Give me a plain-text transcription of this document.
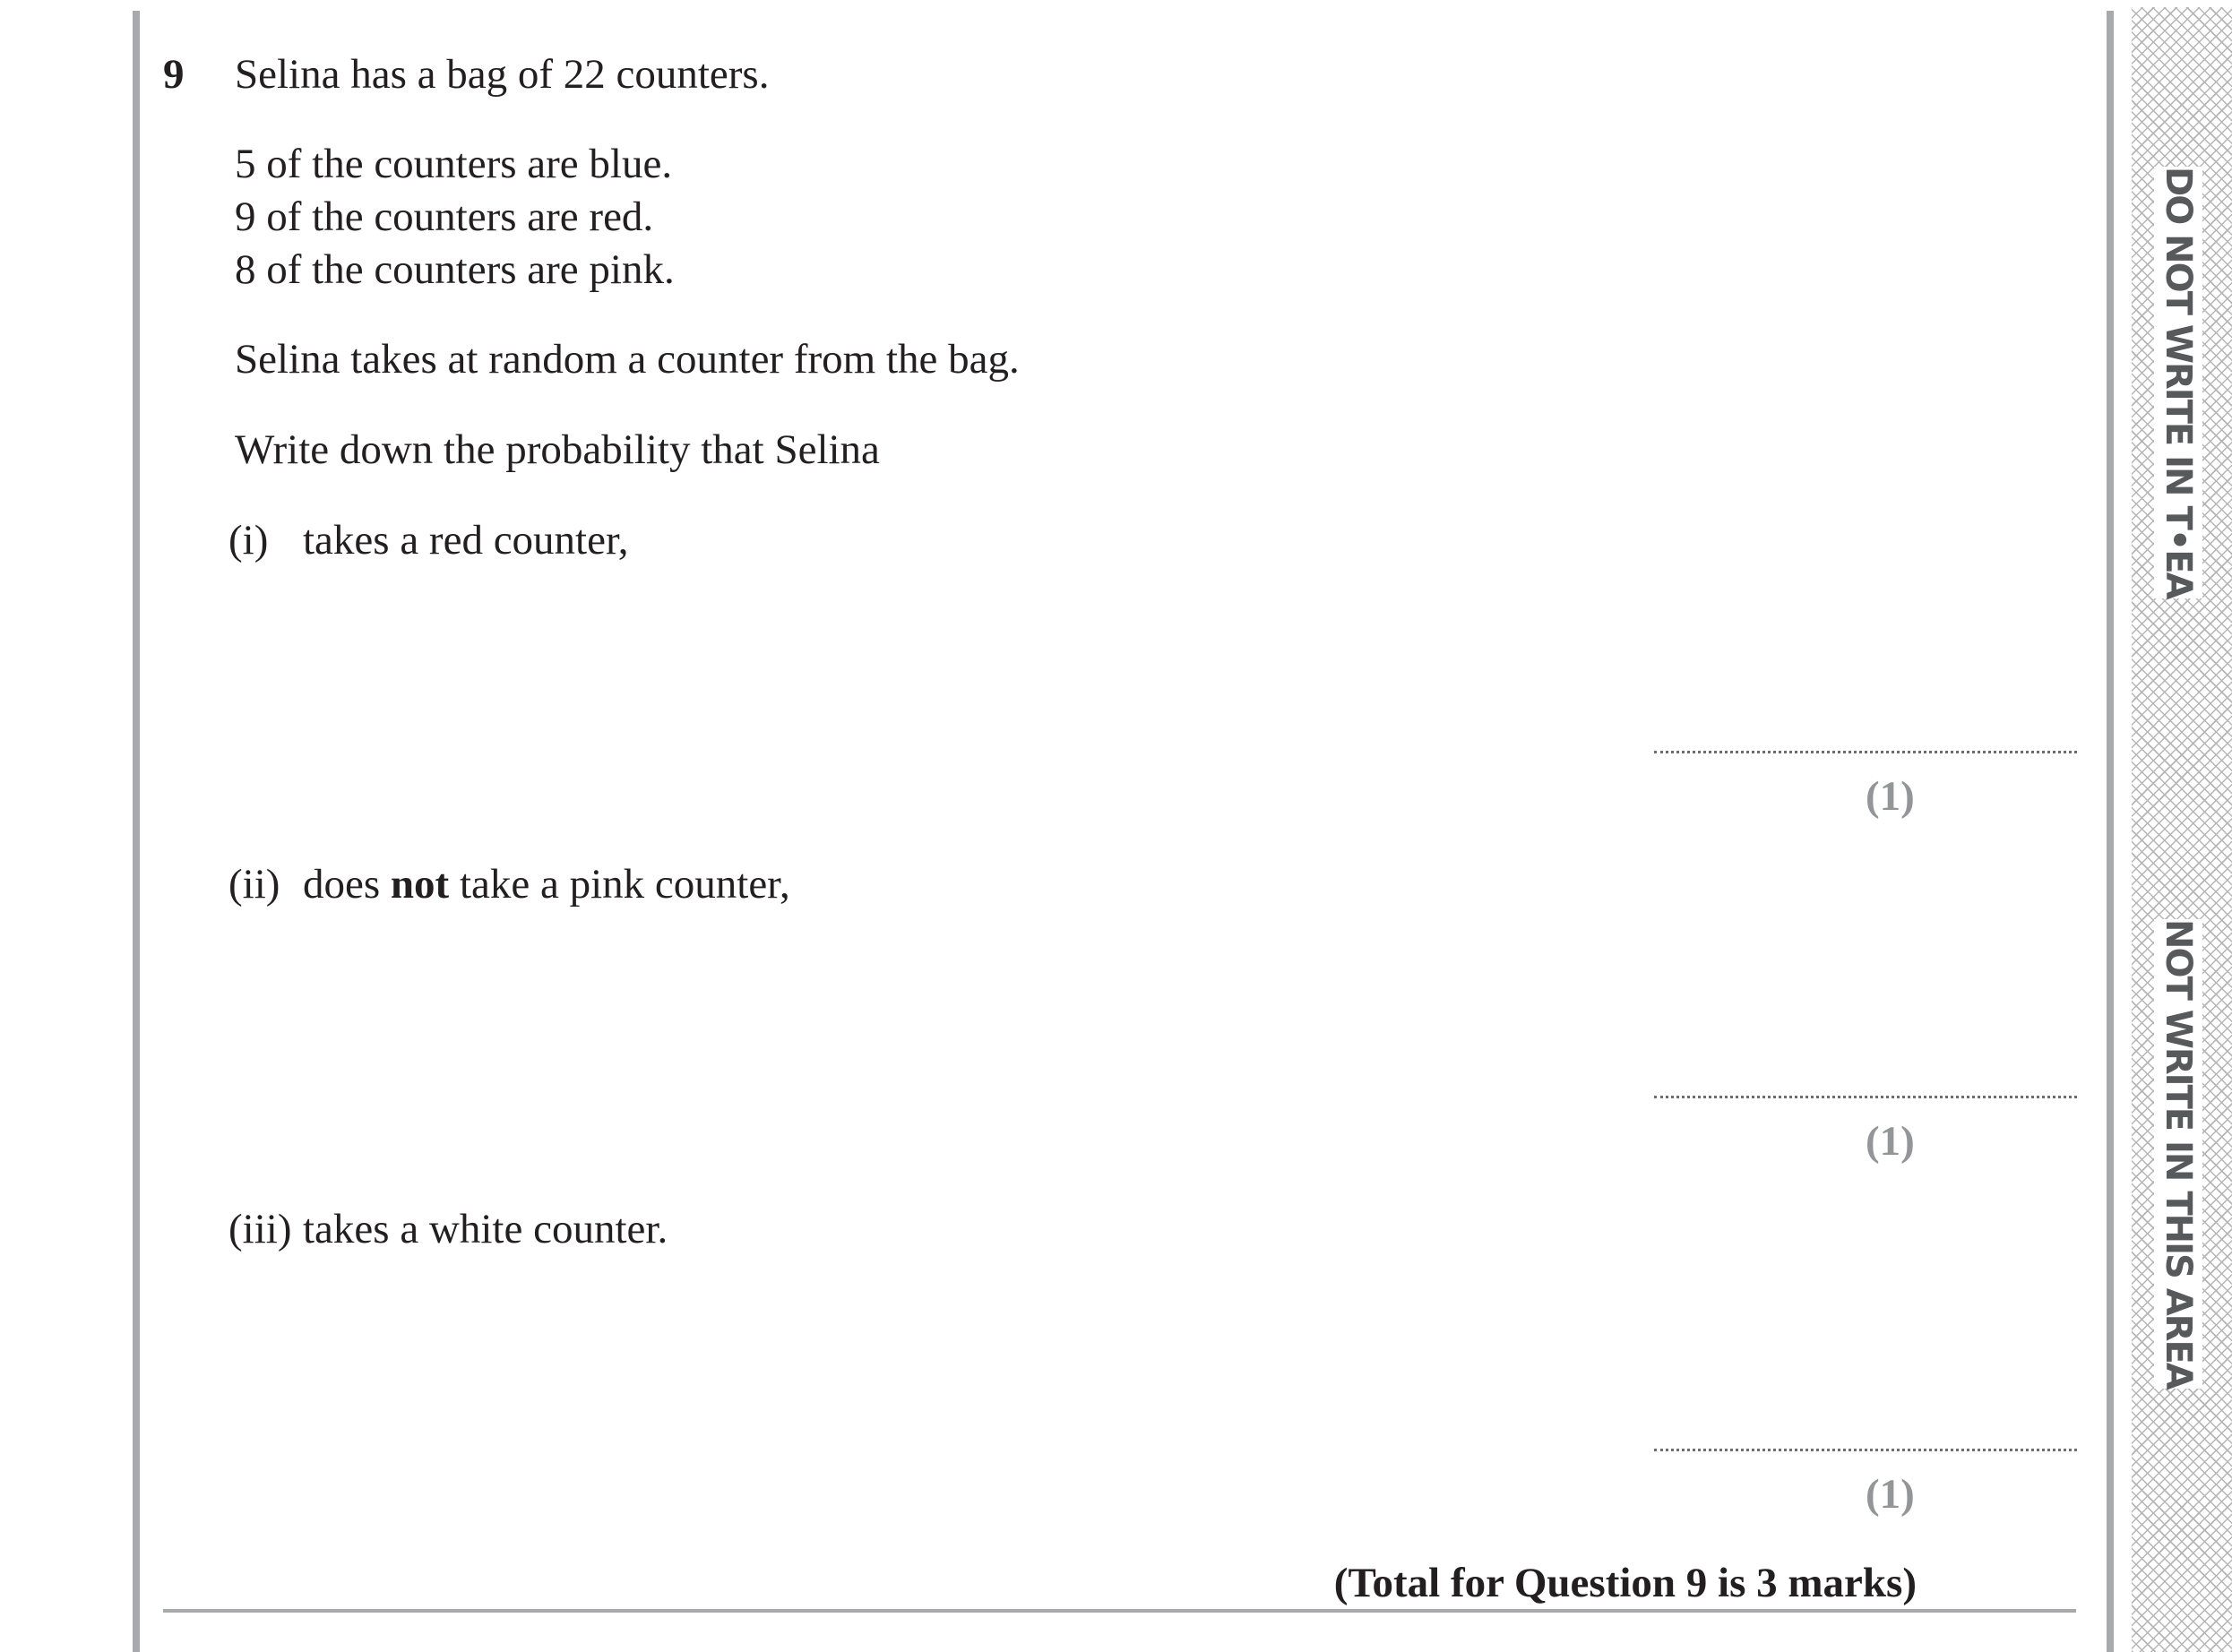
DO NOT WRITE IN T•EA
NOT WRITE IN THIS AREA
9 Selina has a bag of 22 counters.
5 of the counters are blue.
9 of the counters are red.
8 of the counters are pink.
Selina takes at random a counter from the bag.
Write down the probability that Selina
(i) takes a red counter,
(1)
(ii) does not take a pink counter,
(1)
(iii) takes a white counter.
(1)
(Total for Question 9 is 3 marks)
